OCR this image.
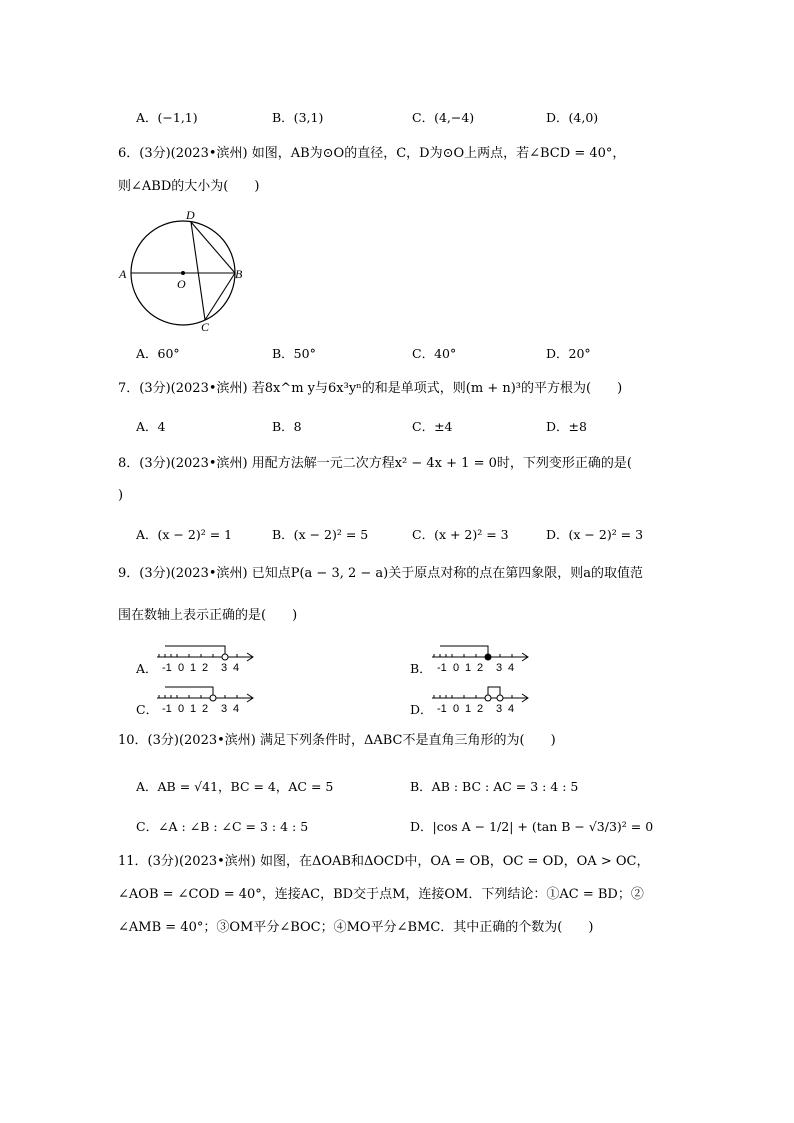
A．(−1,1)	B．(3,1)	C．(4,−4)	D．(4,0)
6．(3分)(2023•滨州) 如图，AB为⊙O的直径，C，D为⊙O上两点，若∠BCD = 40°，
则∠ABD的大小为(　　)
A	B
C
D
O
A．60°	B．50°	C．40°	D．20°
7．(3分)(2023•滨州) 若8x^m y与6x³yⁿ的和是单项式，则(m + n)³的平方根为(　　)
A．4	B．8	C．±4	D．±8
8．(3分)(2023•滨州) 用配方法解一元二次方程x² − 4x + 1 = 0时，下列变形正确的是(
)
A．(x − 2)² = 1	B．(x − 2)² = 5	C．(x + 2)² = 3	D．(x − 2)² = 3
9．(3分)(2023•滨州) 已知点P(a − 3, 2 − a)关于原点对称的点在第四象限，则a的取值范
围在数轴上表示正确的是(　　)
A．	B．
C．	D．
-1 0 1 2 3 4	-1 0 1 2 3 4
-1 0 1 2 3 4	-1 0 1 2 3 4
10．(3分)(2023•滨州) 满足下列条件时，ΔABC不是直角三角形的为(　　)
A．AB = √41，BC = 4，AC = 5	B．AB : BC : AC = 3 : 4 : 5
C．∠A : ∠B : ∠C = 3 : 4 : 5	D．|cos A − 1/2| + (tan B − √3/3)² = 0
11．(3分)(2023•滨州) 如图，在ΔOAB和ΔOCD中，OA = OB，OC = OD，OA > OC，
∠AOB = ∠COD = 40°，连接AC，BD交于点M，连接OM．下列结论：①AC = BD；②
∠AMB = 40°；③OM平分∠BOC；④MO平分∠BMC．其中正确的个数为(　　)
